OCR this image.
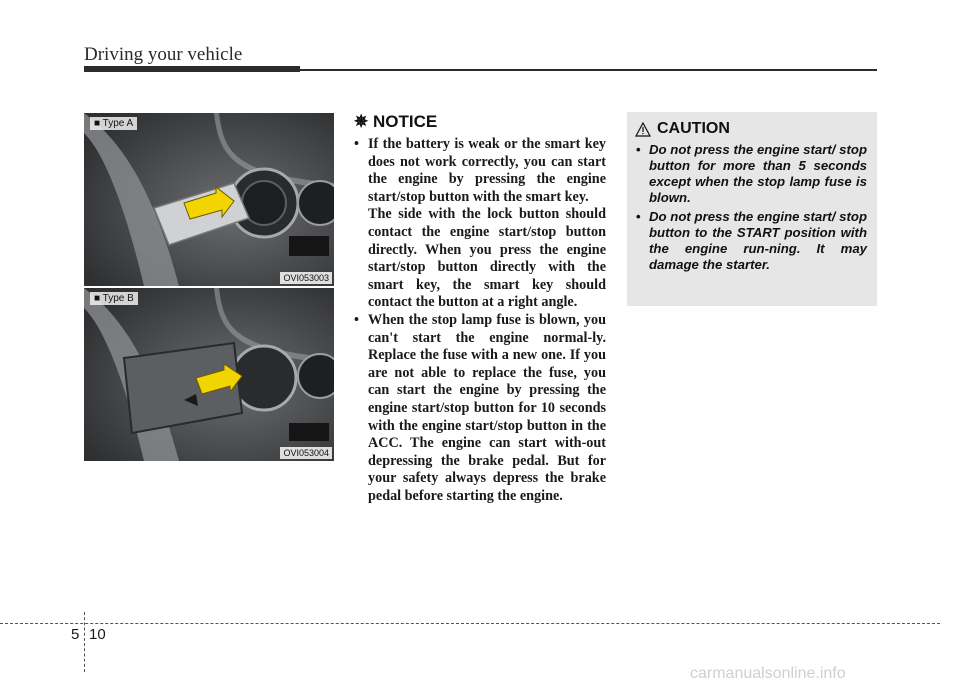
Driving your vehicle
■ Type A
OVI053003
■ Type B
OVI053004
✵ NOTICE

• If the battery is weak or the smart key does not work correctly, you can start the engine by pressing the engine start/stop button with the smart key.

The side with the lock button should contact the engine start/stop button directly. When you press the engine start/stop button directly with the smart key, the smart key should contact the button at a right angle.

• When the stop lamp fuse is blown, you can't start the engine normal-ly. Replace the fuse with a new one. If you are not able to replace the fuse, you can start the engine by pressing the engine start/stop button for 10 seconds with the engine start/stop button in the ACC. The engine can start with-out depressing the brake pedal. But for your safety always depress the brake pedal before starting the engine.

CAUTION
• Do not press the engine start/ stop button for more than 5 seconds except when the stop lamp fuse is blown.
• Do not press the engine start/ stop button to the START position with the engine run-ning. It may damage the starter.
5 10
carmanualsonline.info
